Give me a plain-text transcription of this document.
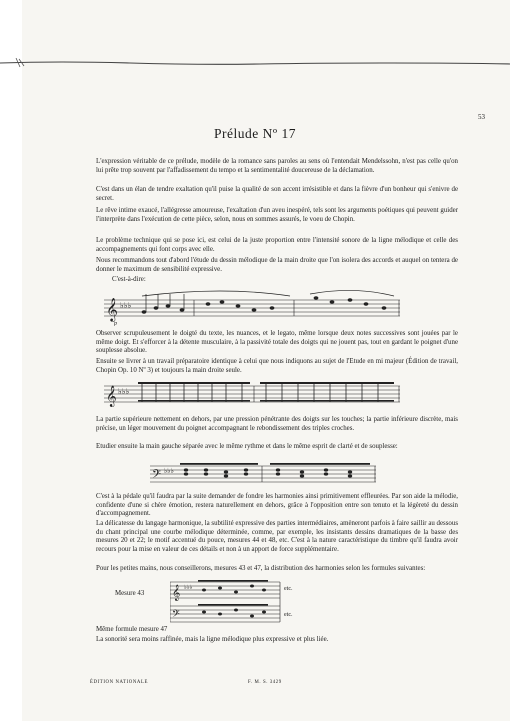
53
Prélude Nº 17

L'expression véritable de ce prélude, modèle de la romance sans paroles au sens où l'entendait Mendelssohn, n'est pas celle qu'on lui prête trop souvent par l'affadissement du tempo et la sentimentalité doucereuse de la déclamation.

C'est dans un élan de tendre exaltation qu'il puise la qualité de son accent irrésistible et dans la fièvre d'un bonheur qui s'enivre de secret.

Le rêve intime exaucé, l'allégresse amoureuse, l'exaltation d'un aveu inespéré, tels sont les arguments poétiques qui peuvent guider l'interprète dans l'exécution de cette pièce, selon, nous en sommes assurés, le voeu de Chopin.

Le problème technique qui se pose ici, est celui de la juste proportion entre l'intensité sonore de la ligne mélodique et celle des accompagnements qui font corps avec elle.

Nous recommandons tout d'abord l'étude du dessin mélodique de la main droite que l'on isolera des accords et auquel on tentera de donner le maximum de sensibilité expressive.

C'est-à-dire:
𝄞 ♭♭♭
p

Observer scrupuleusement le doigté du texte, les nuances, et le legato, même lorsque deux notes successives sont jouées par le même doigt. Et s'efforcer à la détente musculaire, à la passivité totale des doigts qui ne jouent pas, tout en gardant le poignet d'une souplesse absolue.

Ensuite se livrer à un travail préparatoire identique à celui que nous indiquons au sujet de l'Etude en mi majeur (Édition de travail, Chopin Op. 10 Nº 3) et toujours la main droite seule.

𝄞 ♭♭♭

La partie supérieure nettement en dehors, par une pression pénétrante des doigts sur les touches; la partie inférieure discrète, mais précise, un léger mouvement du poignet accompagnant le rebondissement des triples croches.

Etudier ensuite la main gauche séparée avec le même rythme et dans le même esprit de clarté et de souplesse:

𝄢 ♭♭♭

C'est à la pédale qu'il faudra par la suite demander de fondre les harmonies ainsi primitivement effleurées. Par son aide la mélodie, confidente d'une si chère émotion, restera naturellement en dehors, grâce à l'opposition entre son tenuto et la légèreté du dessin d'accompagnement.

La délicatesse du langage harmonique, la subtilité expressive des parties intermédiaires, amèneront parfois à faire saillir au dessous du chant principal une courbe mélodique déterminée, comme, par exemple, les insistants dessins dramatiques de la basse des mesures 20 et 22; le motif accentué du pouce, mesures 44 et 48, etc. C'est à la nature caractéristique du timbre qu'il faudra avoir recours pour la mise en valeur de ces détails et non à un apport de force supplémentaire.

Pour les petites mains, nous conseillerons, mesures 43 et 47, la distribution des harmonies selon les formules suivantes:

Mesure 43 𝄞
𝄢
♭♭♭	etc.
etc.

Même formule mesure 47

La sonorité sera moins raffinée, mais la ligne mélodique plus expressive et plus liée.

ÉDITION NATIONALE	F. M. S. 3429
